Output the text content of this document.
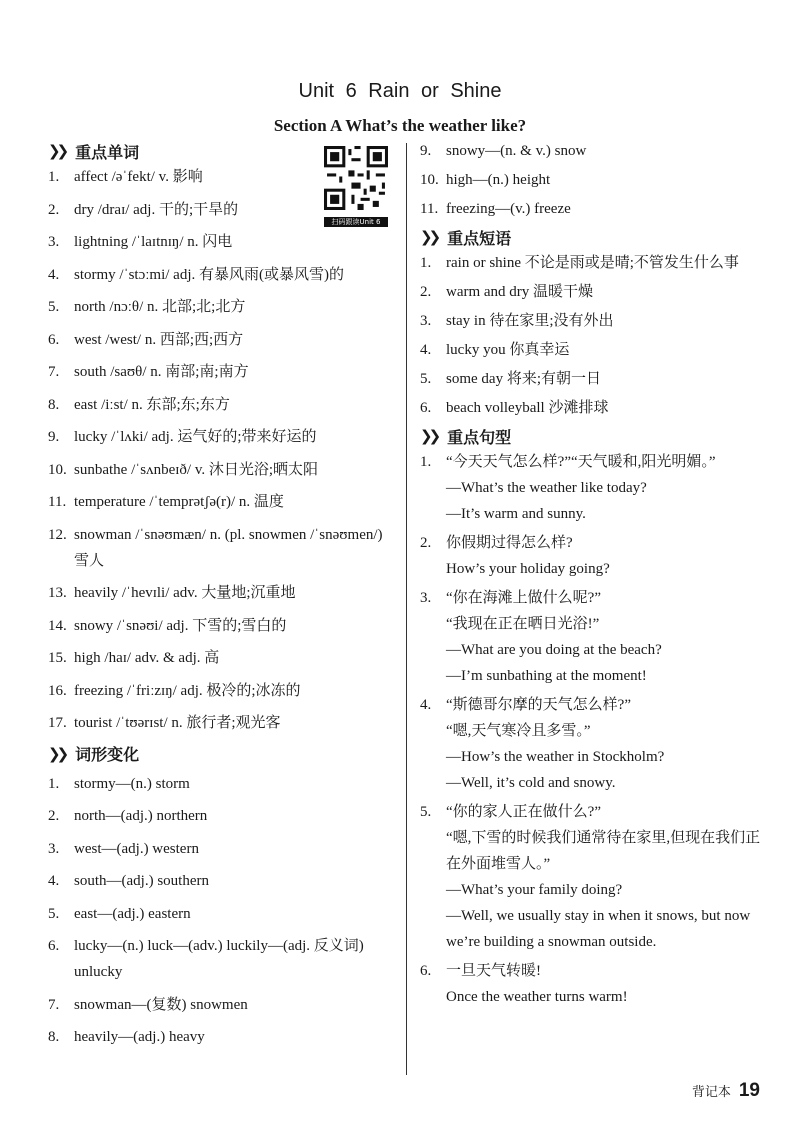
Unit 6 Rain or Shine
Section A What’s the weather like?
扫码跟读Unit 6
❯❯ 重点单词
1. affect /əˈfekt/ v. 影响
2. dry /draɪ/ adj. 干的;干旱的
3. lightning /ˈlaɪtnɪŋ/ n. 闪电
4. stormy /ˈstɔːmi/ adj. 有暴风雨(或暴风雪)的
5. north /nɔːθ/ n. 北部;北;北方
6. west /west/ n. 西部;西;西方
7. south /saʊθ/ n. 南部;南;南方
8. east /iːst/ n. 东部;东;东方
9. lucky /ˈlʌki/ adj. 运气好的;带来好运的
10. sunbathe /ˈsʌnbeɪð/ v. 沐日光浴;晒太阳
11. temperature /ˈtemprətʃə(r)/ n. 温度
12. snowman /ˈsnəʊmæn/ n. (pl. snowmen /ˈsnəʊmen/) 雪人
13. heavily /ˈhevɪli/ adv. 大量地;沉重地
14. snowy /ˈsnəʊi/ adj. 下雪的;雪白的
15. high /haɪ/ adv. & adj. 高
16. freezing /ˈfriːzɪŋ/ adj. 极冷的;冰冻的
17. tourist /ˈtʊərɪst/ n. 旅行者;观光客
❯❯ 词形变化
1. stormy—(n.) storm
2. north—(adj.) northern
3. west—(adj.) western
4. south—(adj.) southern
5. east—(adj.) eastern
6. lucky—(n.) luck—(adv.) luckily—(adj. 反义词) unlucky
7. snowman—(复数) snowmen
8. heavily—(adj.) heavy
9. snowy—(n. & v.) snow
10. high—(n.) height
11. freezing—(v.) freeze
❯❯ 重点短语
1. rain or shine 不论是雨或是晴;不管发生什么事
2. warm and dry 温暖干燥
3. stay in 待在家里;没有外出
4. lucky you 你真幸运
5. some day 将来;有朝一日
6. beach volleyball 沙滩排球
❯❯ 重点句型
1. “今天天气怎么样?”“天气暖和,阳光明媚。”
—What’s the weather like today?
—It’s warm and sunny.
2. 你假期过得怎么样?
How’s your holiday going?
3. “你在海滩上做什么呢?”
“我现在正在晒日光浴!”
—What are you doing at the beach?
—I’m sunbathing at the moment!
4. “斯德哥尔摩的天气怎么样?”
“嗯,天气寒冷且多雪。”
—How’s the weather in Stockholm?
—Well, it’s cold and snowy.
5. “你的家人正在做什么?”
“嗯,下雪的时候我们通常待在家里,但现在我们正在外面堆雪人。”
—What’s your family doing?
—Well, we usually stay in when it snows, but now we’re building a snowman outside.
6. 一旦天气转暖!
Once the weather turns warm!
背记本 19
